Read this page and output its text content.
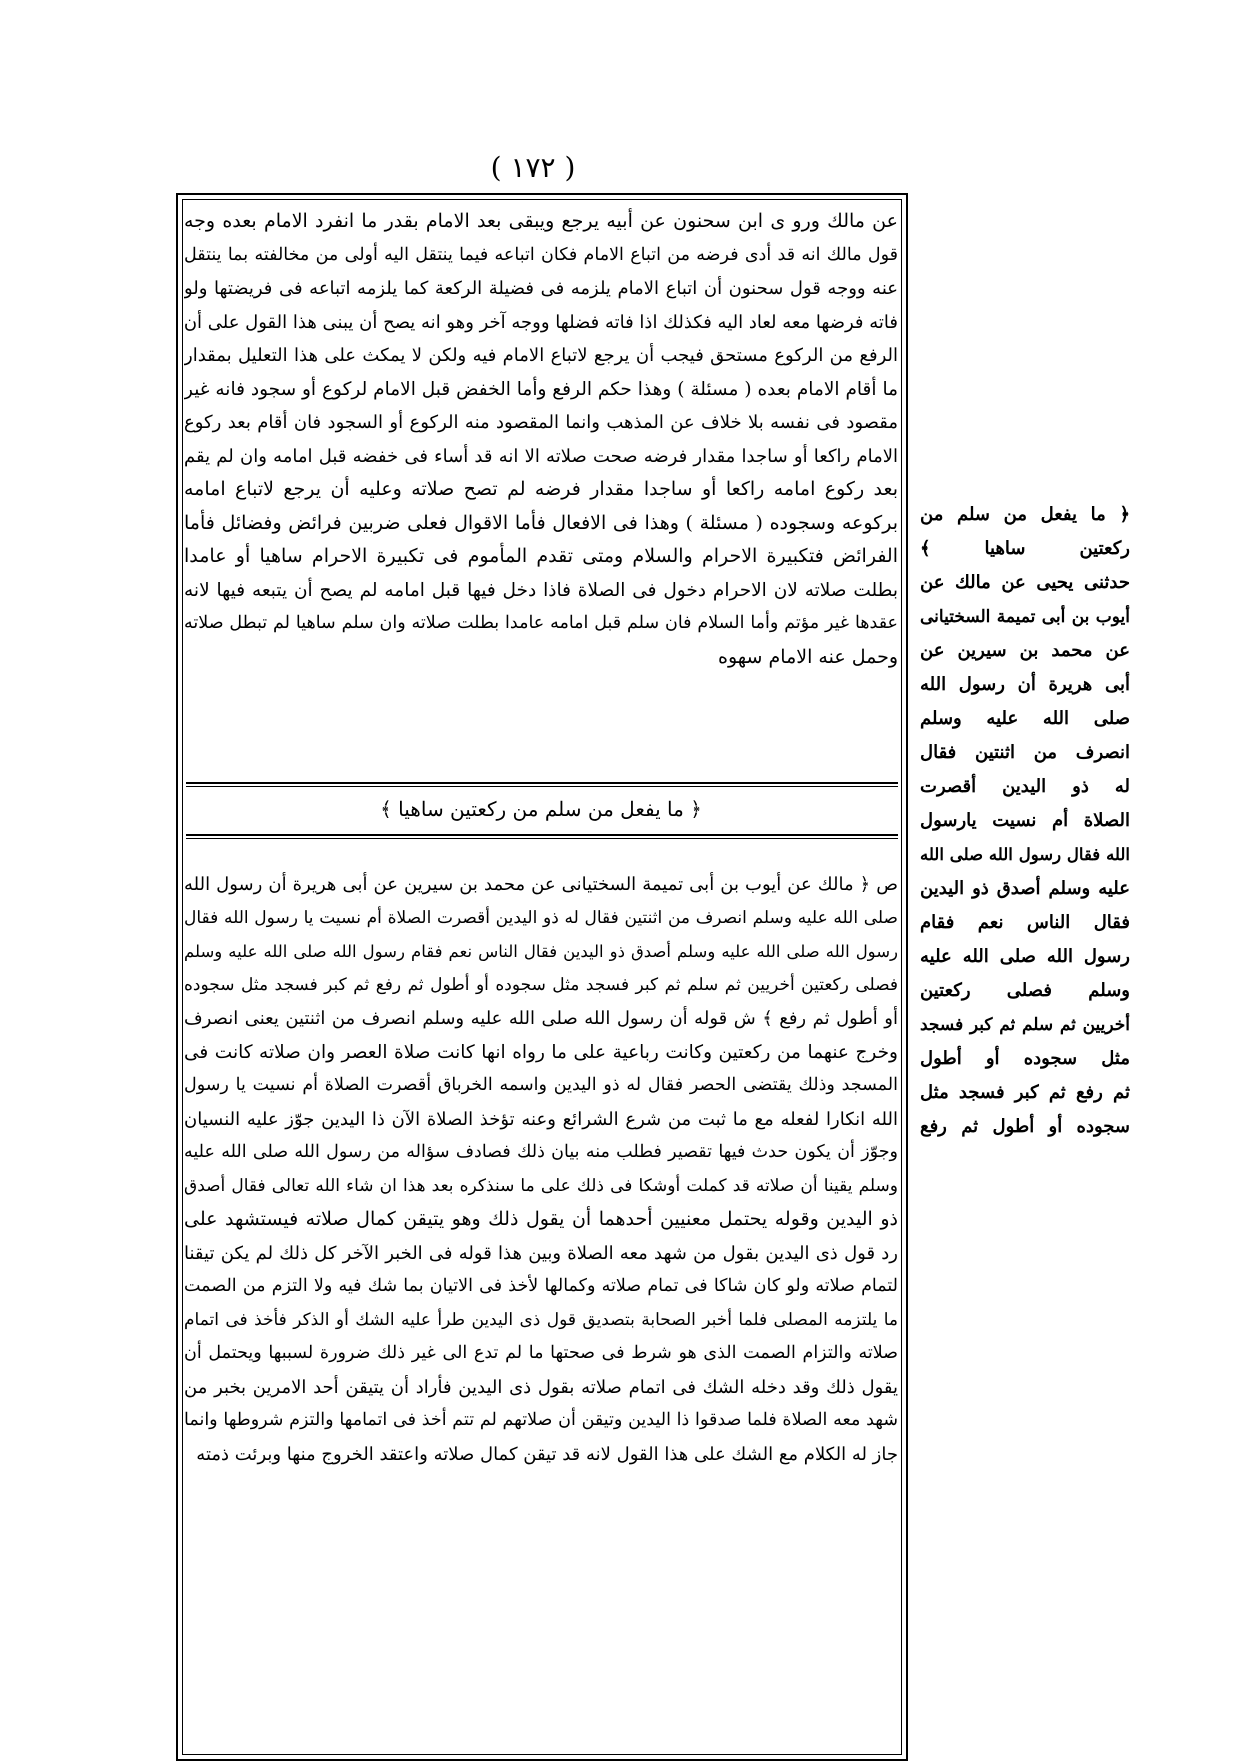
( ١٧٢ )
عن مالك ورو ى ابن سحنون عن أبيه يرجع ويبقى بعد الامام بقدر ما انفرد الامام بعده وجه
قول مالك انه قد أدى فرضه من اتباع الامام فكان اتباعه فيما ينتقل اليه أولى من مخالفته بما ينتقل
عنه ووجه قول سحنون أن اتباع الامام يلزمه فى فضيلة الركعة كما يلزمه اتباعه فى فريضتها ولو
فاته فرضها معه لعاد اليه فكذلك اذا فاته فضلها ووجه آخر وهو انه يصح أن يبنى هذا القول على أن
الرفع من الركوع مستحق فيجب أن يرجع لاتباع الامام فيه ولكن لا يمكث على هذا التعليل بمقدار
ما أقام الامام بعده ( مسئلة ) وهذا حكم الرفع وأما الخفض قبل الامام لركوع أو سجود فانه غير
مقصود فى نفسه بلا خلاف عن المذهب وانما المقصود منه الركوع أو السجود فان أقام بعد ركوع
الامام راكعا أو ساجدا مقدار فرضه صحت صلاته الا انه قد أساء فى خفضه قبل امامه وان لم يقم
بعد ركوع امامه راكعا أو ساجدا مقدار فرضه لم تصح صلاته وعليه أن يرجع لاتباع امامه
بركوعه وسجوده ( مسئلة ) وهذا فى الافعال فأما الاقوال فعلى ضربين فرائض وفضائل فأما
الفرائض فتكبيرة الاحرام والسلام ومتى تقدم المأموم فى تكبيرة الاحرام ساهيا أو عامدا
بطلت صلاته لان الاحرام دخول فى الصلاة فاذا دخل فيها قبل امامه لم يصح أن يتبعه فيها لانه
عقدها غير مؤتم وأما السلام فان سلم قبل امامه عامدا بطلت صلاته وان سلم ساهيا لم تبطل صلاته
وحمل عنه الامام سهوه
﴿ ما يفعل من سلم من ركعتين ساهيا ﴾
ص ﴿ مالك عن أيوب بن أبى تميمة السختيانى عن محمد بن سيرين عن أبى هريرة أن رسول الله
صلى الله عليه وسلم انصرف من اثنتين فقال له ذو اليدين أقصرت الصلاة أم نسيت يا رسول الله فقال
رسول الله صلى الله عليه وسلم أصدق ذو اليدين فقال الناس نعم فقام رسول الله صلى الله عليه وسلم
فصلى ركعتين أخريين ثم سلم ثم كبر فسجد مثل سجوده أو أطول ثم رفع ثم كبر فسجد مثل سجوده
أو أطول ثم رفع ﴾ ش قوله أن رسول الله صلى الله عليه وسلم انصرف من اثنتين يعنى انصرف
وخرج عنهما من ركعتين وكانت رباعية على ما رواه انها كانت صلاة العصر وان صلاته كانت فى
المسجد وذلك يقتضى الحصر فقال له ذو اليدين واسمه الخرباق أقصرت الصلاة أم نسيت يا رسول
الله انكارا لفعله مع ما ثبت من شرع الشرائع وعنه تؤخذ الصلاة الآن ذا اليدين جوّز عليه النسيان
وجوّز أن يكون حدث فيها تقصير فطلب منه بيان ذلك فصادف سؤاله من رسول الله صلى الله عليه
وسلم يقينا أن صلاته قد كملت أوشكا فى ذلك على ما سنذكره بعد هذا ان شاء الله تعالى فقال أصدق
ذو اليدين وقوله يحتمل معنيين أحدهما أن يقول ذلك وهو يتيقن كمال صلاته فيستشهد على
رد قول ذى اليدين بقول من شهد معه الصلاة وبين هذا قوله فى الخبر الآخر كل ذلك لم يكن تيقنا
لتمام صلاته ولو كان شاكا فى تمام صلاته وكمالها لأخذ فى الاتيان بما شك فيه ولا التزم من الصمت
ما يلتزمه المصلى فلما أخبر الصحابة بتصديق قول ذى اليدين طرأ عليه الشك أو الذكر فأخذ فى اتمام
صلاته والتزام الصمت الذى هو شرط فى صحتها ما لم تدع الى غير ذلك ضرورة لسببها ويحتمل أن
يقول ذلك وقد دخله الشك فى اتمام صلاته بقول ذى اليدين فأراد أن يتيقن أحد الامرين بخبر من
شهد معه الصلاة فلما صدقوا ذا اليدين وتيقن أن صلاتهم لم تتم أخذ فى اتمامها والتزم شروطها وانما
جاز له الكلام مع الشك على هذا القول لانه قد تيقن كمال صلاته واعتقد الخروج منها وبرئت ذمته
﴿ ما يفعل من سلم من
ركعتين ساهيا ﴾
حدثنى يحيى عن مالك عن
أيوب بن أبى تميمة السختيانى
عن محمد بن سيرين عن
أبى هريرة أن رسول الله
صلى الله عليه وسلم
انصرف من اثنتين فقال
له ذو اليدين أقصرت
الصلاة أم نسيت يارسول
الله فقال رسول الله صلى الله
عليه وسلم أصدق ذو اليدين
فقال الناس نعم فقام
رسول الله صلى الله عليه
وسلم فصلى ركعتين
أخريين ثم سلم ثم كبر فسجد
مثل سجوده أو أطول
ثم رفع ثم كبر فسجد مثل
سجوده أو أطول ثم رفع
